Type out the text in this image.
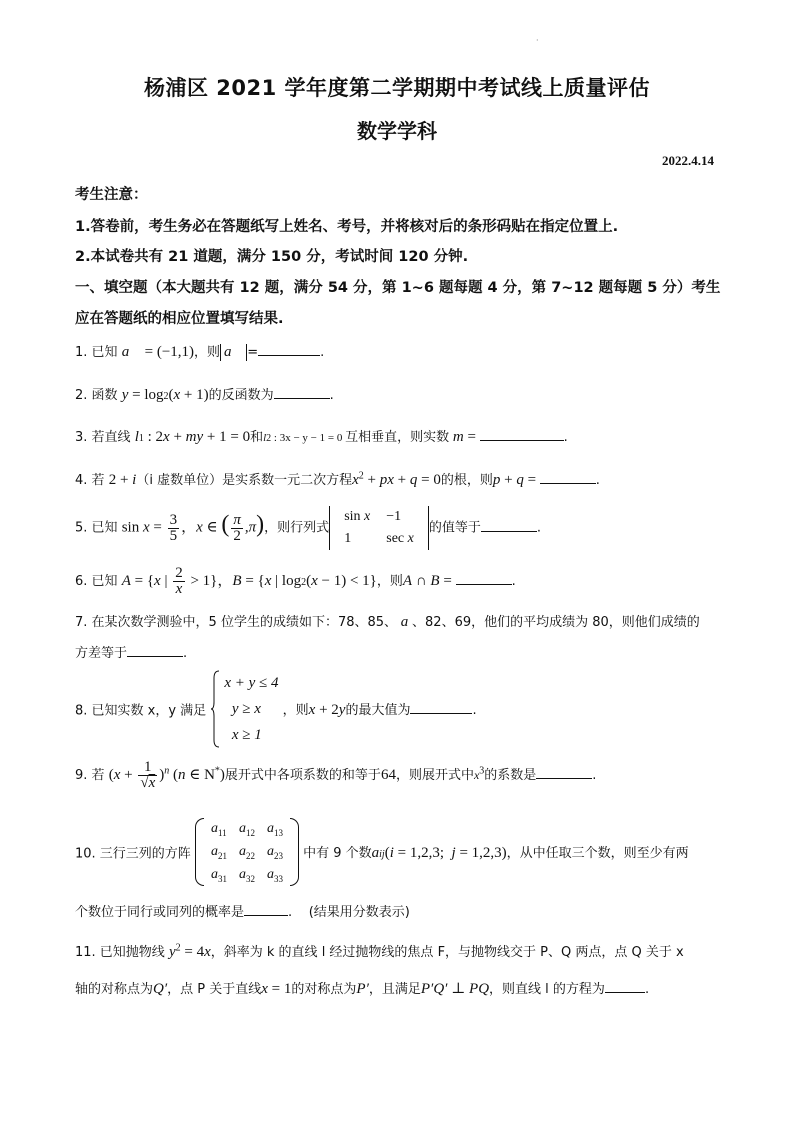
·
杨浦区 2021 学年度第二学期期中考试线上质量评估
数学学科
2022.4.14
考生注意：
1.答卷前，考生务必在答题纸写上姓名、考号，并将核对后的条形码贴在指定位置上.
2.本试卷共有 21 道题，满分 150 分，考试时间 120 分钟.
一、填空题（本大题共有 12 题，满分 54 分，第 1~6 题每题 4 分，第 7~12 题每题 5 分）考生
应在答题纸的相应位置填写结果.
1. 已知 a⃗ = (−1,1)，则 a⃗ =	.
2. 函数 y = log2(x + 1)的反函数为	.
3. 若直线 l1 : 2x + my + 1 = 0和l2 : 3x − y − 1 = 0 互相垂直，则实数 m =	.
4. 若 2 + i（i 虚数单位）是实系数一元二次方程$x^2$ + px + q = 0的根，则p + q =	.
5. 已知 $\sin x = \frac{3}{5}$ ，x ∈ ( $\frac{\pi}{2} ,\pi$)，则行列式
sin x	−1
1	sec x
的值等于	.
6. 已知 A = {x | $\frac{2}{x} > 1$}，B = {x | log2(x − 1) < 1}，则A ∩ B =	.
7. 在某次数学测验中，5 位学生的成绩如下：78、85、 a 、82、69，他们的平均成绩为 80，则他们成绩的
方差等于	.
8. 已知实数 x，y 满足
x + y ≤ 4
y ≥ x
x ≥ 1
，则x + 2y的最大值为	.
9. 若 $(x + \frac{1}{√x} )^n$ (n ∈ N*)展开式中各项系数的和等于64，则展开式中$x^3$的系数是	.
10. 三行三列的方阵
$a_{11}$	$a_{12}$	$a_{13}$
$a_{21}$	$a_{22}$	$a_{23}$
$a_{31}$	$a_{32}$	$a_{33}$
中有 9 个数aij(i = 1,2,3;  j = 1,2,3)，从中任取三个数，则至少有两
个数位于同行或同列的概率是	.    (结果用分数表示)
11. 已知抛物线 $y^2 = 4x$，斜率为 k 的直线 l 经过抛物线的焦点 F，与抛物线交于 P、Q 两点，点 Q 关于 x
轴的对称点为Q′，点 P 关于直线x = 1的对称点为P′，且满足P′Q′ ⊥ PQ，则直线 l 的方程为	.
